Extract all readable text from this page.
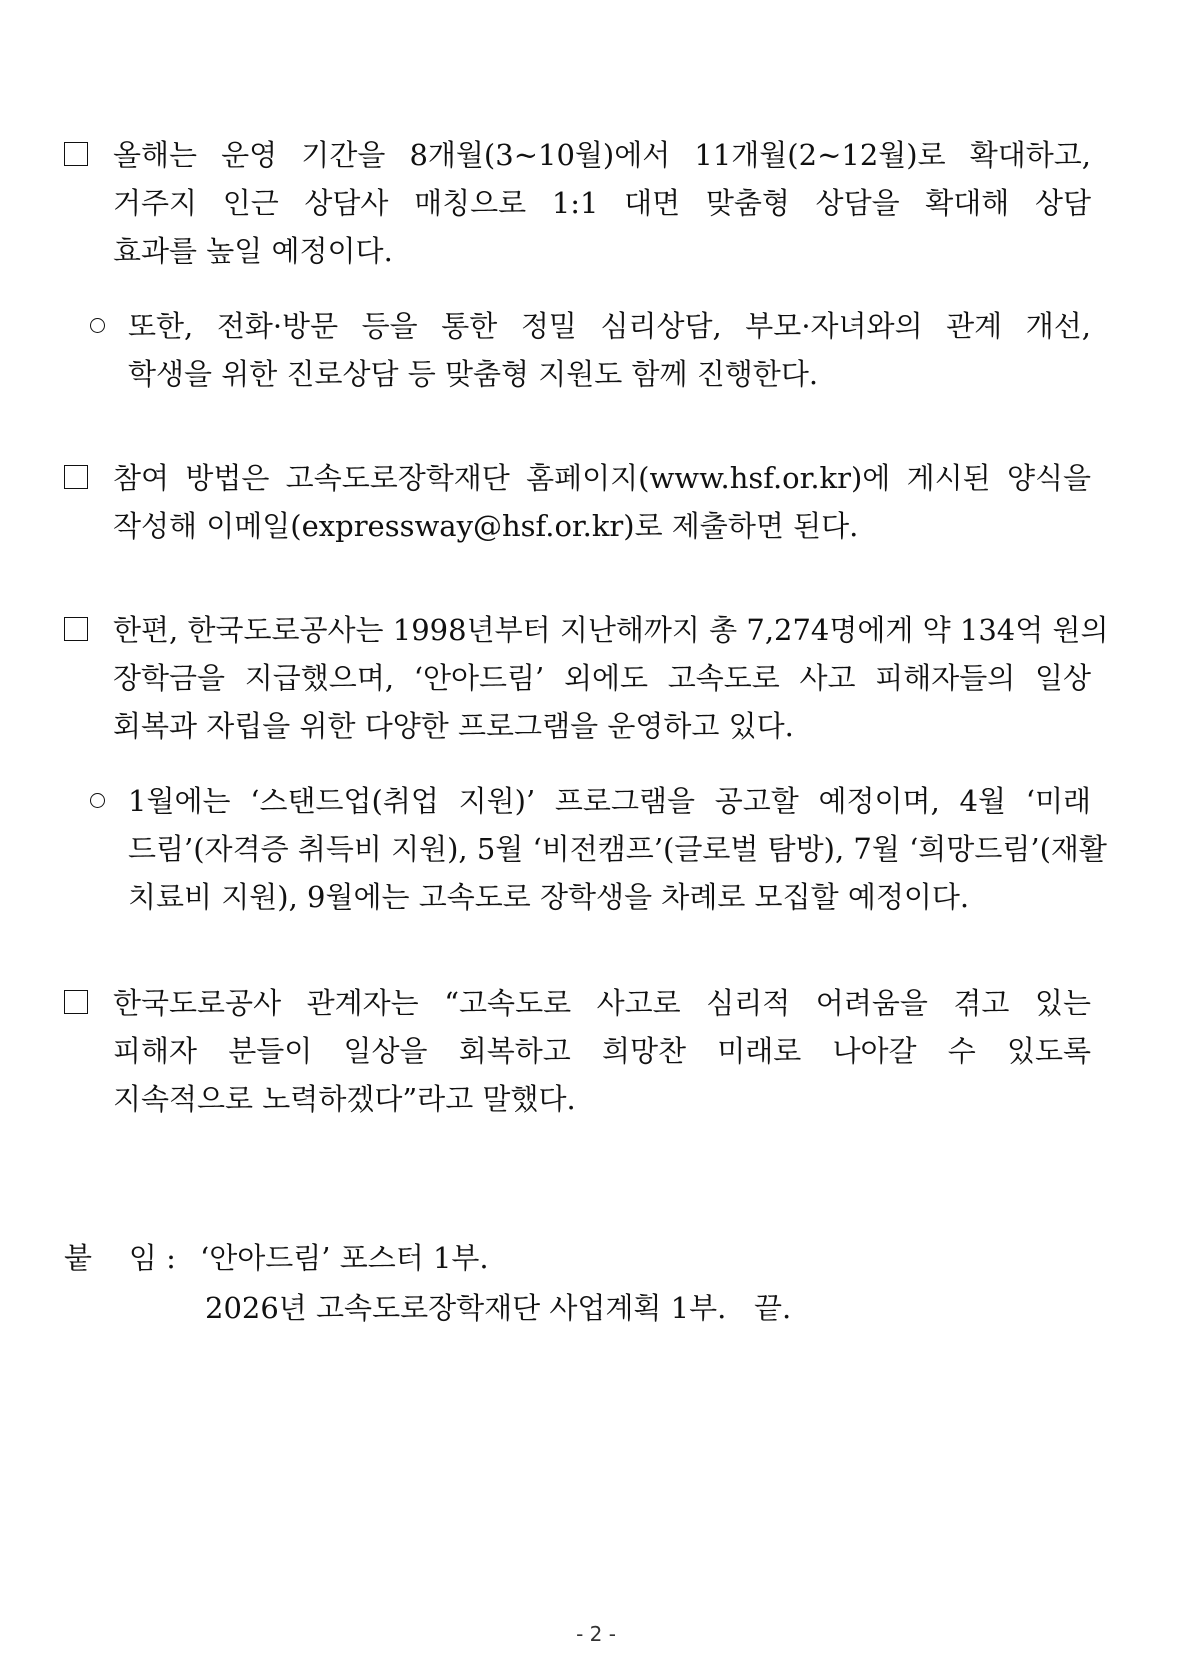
올해는 운영 기간을 8개월(3~10월)에서 11개월(2~12월)로 확대하고,
거주지 인근 상담사 매칭으로 1:1 대면 맞춤형 상담을 확대해 상담
효과를 높일 예정이다.
또한, 전화·방문 등을 통한 정밀 심리상담, 부모·자녀와의 관계 개선,
학생을 위한 진로상담 등 맞춤형 지원도 함께 진행한다.
참여 방법은 고속도로장학재단 홈페이지(www.hsf.or.kr)에 게시된 양식을
작성해 이메일(expressway@hsf.or.kr)로 제출하면 된다.
한편, 한국도로공사는 1998년부터 지난해까지 총 7,274명에게 약 134억 원의
장학금을 지급했으며, ‘안아드림’ 외에도 고속도로 사고 피해자들의 일상
회복과 자립을 위한 다양한 프로그램을 운영하고 있다.
1월에는 ‘스탠드업(취업 지원)’ 프로그램을 공고할 예정이며, 4월 ‘미래
드림’(자격증 취득비 지원), 5월 ‘비전캠프’(글로벌 탐방), 7월 ‘희망드림’(재활
치료비 지원), 9월에는 고속도로 장학생을 차례로 모집할 예정이다.
한국도로공사 관계자는 “고속도로 사고로 심리적 어려움을 겪고 있는
피해자 분들이 일상을 회복하고 희망찬 미래로 나아갈 수 있도록
지속적으로 노력하겠다”라고 말했다.
붙    임 : ‘안아드림’ 포스터 1부.
2026년 고속도로장학재단 사업계획 1부.   끝.
- 2 -
